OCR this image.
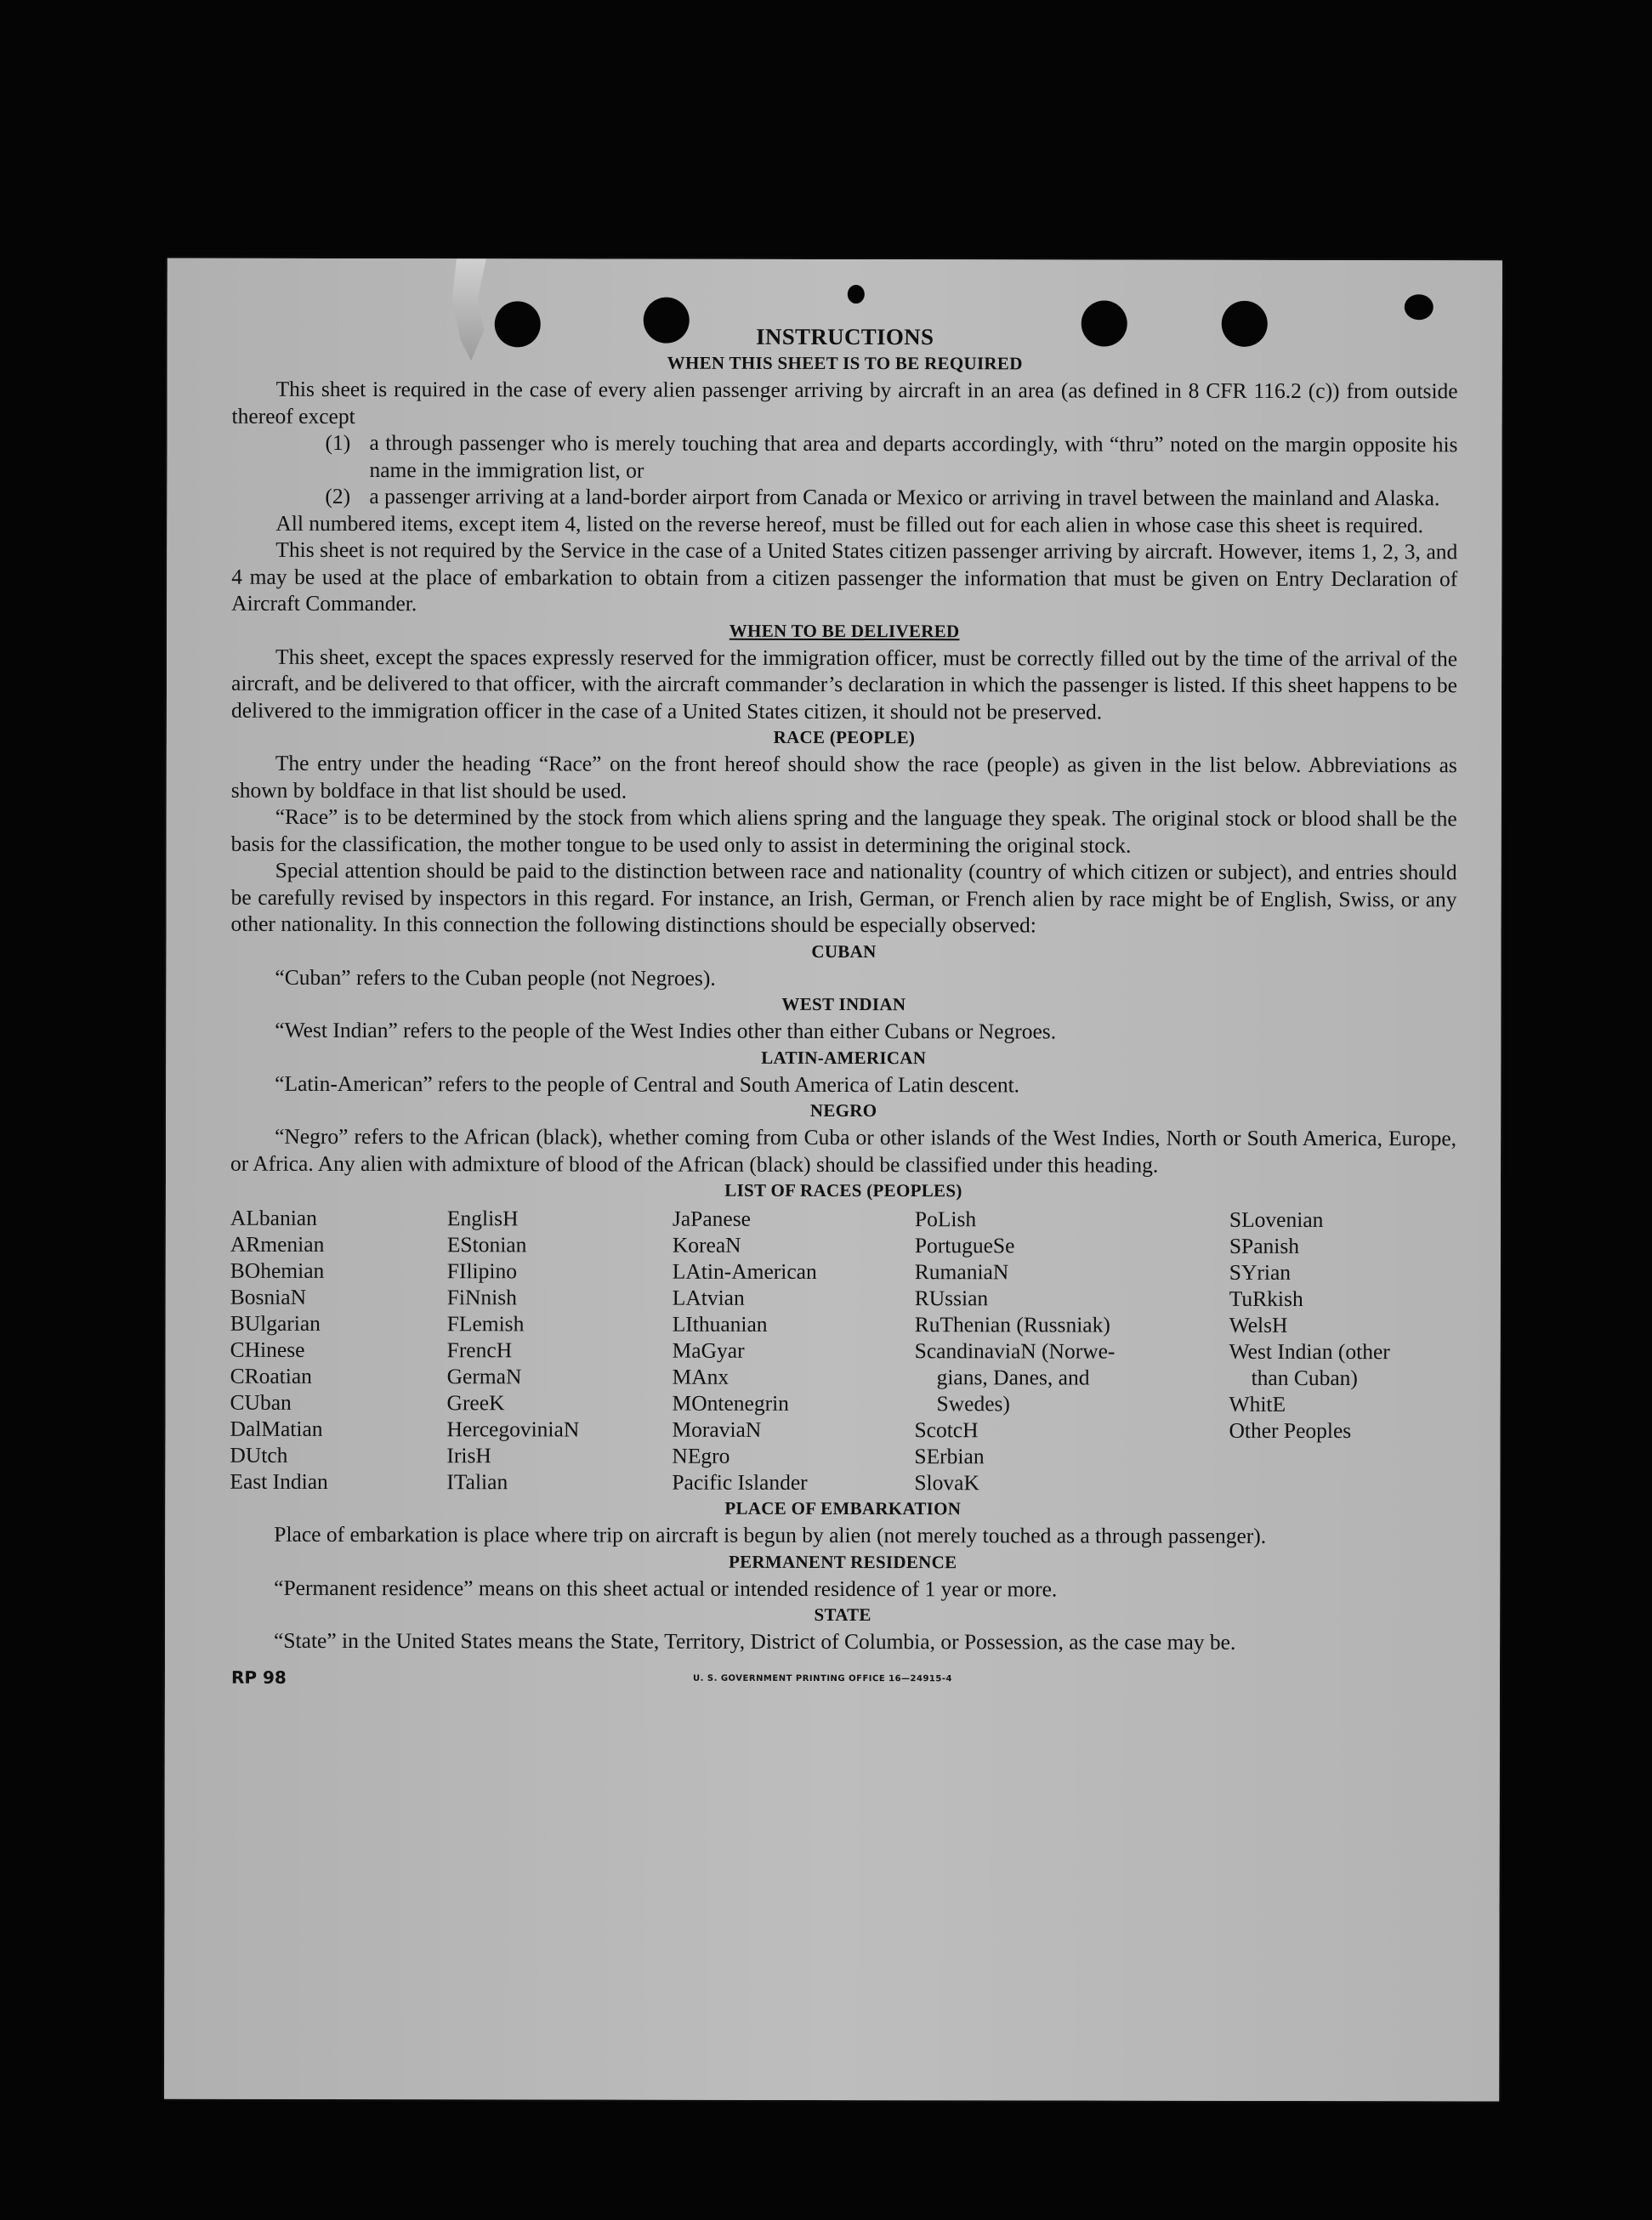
INSTRUCTIONS
WHEN THIS SHEET IS TO BE REQUIRED

This sheet is required in the case of every alien passenger arriving by aircraft in an area (as defined in 8 CFR 116.2 (c)) from outside thereof except

(1) a through passenger who is merely touching that area and departs accordingly, with “thru” noted on the margin opposite his name in the immigration list, or
(2) a passenger arriving at a land-border airport from Canada or Mexico or arriving in travel between the mainland and Alaska.

All numbered items, except item 4, listed on the reverse hereof, must be filled out for each alien in whose case this sheet is required.

This sheet is not required by the Service in the case of a United States citizen passenger arriving by aircraft. However, items 1, 2, 3, and 4 may be used at the place of embarkation to obtain from a citizen passenger the information that must be given on Entry Declaration of Aircraft Commander.

WHEN TO BE DELIVERED

This sheet, except the spaces expressly reserved for the immigration officer, must be correctly filled out by the time of the arrival of the aircraft, and be delivered to that officer, with the aircraft commander’s declaration in which the passenger is listed. If this sheet happens to be delivered to the immigration officer in the case of a United States citizen, it should not be preserved.

RACE (PEOPLE)

The entry under the heading “Race” on the front hereof should show the race (people) as given in the list below. Abbreviations as shown by boldface in that list should be used.

“Race” is to be determined by the stock from which aliens spring and the language they speak. The original stock or blood shall be the basis for the classification, the mother tongue to be used only to assist in determining the original stock.

Special attention should be paid to the distinction between race and nationality (country of which citizen or subject), and entries should be carefully revised by inspectors in this regard. For instance, an Irish, German, or French alien by race might be of English, Swiss, or any other nationality. In this connection the following distinctions should be especially observed:

CUBAN

“Cuban” refers to the Cuban people (not Negroes).

WEST INDIAN

“West Indian” refers to the people of the West Indies other than either Cubans or Negroes.

LATIN-AMERICAN

“Latin-American” refers to the people of Central and South America of Latin descent.

NEGRO

“Negro” refers to the African (black), whether coming from Cuba or other islands of the West Indies, North or South America, Europe, or Africa. Any alien with admixture of blood of the African (black) should be classified under this heading.

LIST OF RACES (PEOPLES)
ALbanian
ARmenian
BOhemian
BosniaN
BUlgarian
CHinese
CRoatian
CUban
DalMatian
DUtch
East Indian
EnglisH
EStonian
FIlipino
FiNnish
FLemish
FrencH
GermaN
GreeK
HercegoviniaN
IrisH
ITalian
JaPanese
KoreaN
LAtin-American
LAtvian
LIthuanian
MaGyar
MAnx
MOntenegrin
MoraviaN
NEgro
Pacific Islander
PoLish
PortugueSe
RumaniaN
RUssian
RuThenian (Russniak)
ScandinaviaN (Norwe-
gians, Danes, and
Swedes)
ScotcH
SErbian
SlovaK
SLovenian
SPanish
SYrian
TuRkish
WelsH
West Indian (other
than Cuban)
WhitE
Other Peoples
PLACE OF EMBARKATION

Place of embarkation is place where trip on aircraft is begun by alien (not merely touched as a through passenger).

PERMANENT RESIDENCE

“Permanent residence” means on this sheet actual or intended residence of 1 year or more.

STATE

“State” in the United States means the State, Territory, District of Columbia, or Possession, as the case may be.

RP 98	U. S. GOVERNMENT PRINTING OFFICE 16—24915-4
